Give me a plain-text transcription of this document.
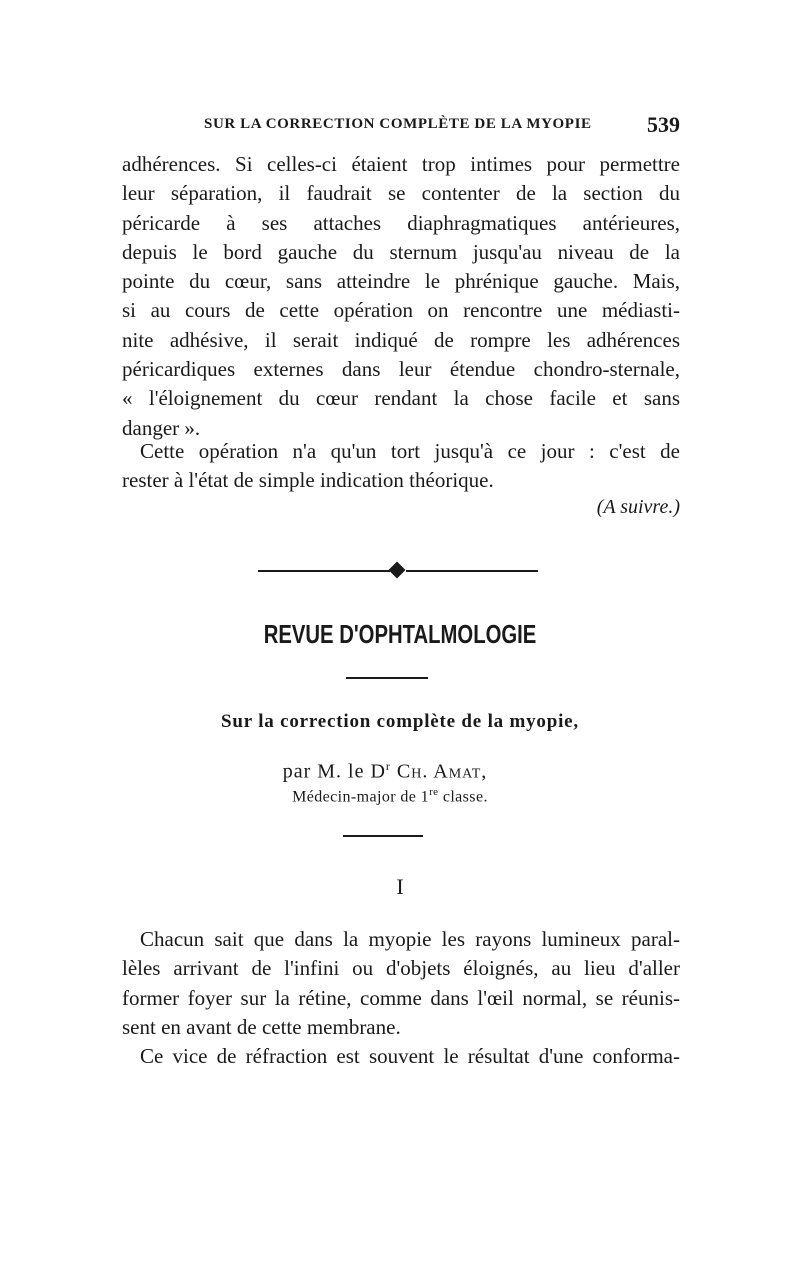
SUR LA CORRECTION COMPLÈTE DE LA MYOPIE	539
adhérences. Si celles-ci étaient trop intimes pour permettre
leur séparation, il faudrait se contenter de la section du
péricarde à ses attaches diaphragmatiques antérieures,
depuis le bord gauche du sternum jusqu'au niveau de la
pointe du cœur, sans atteindre le phrénique gauche. Mais,
si au cours de cette opération on rencontre une médiasti-
nite adhésive, il serait indiqué de rompre les adhérences
péricardiques externes dans leur étendue chondro-sternale,
« l'éloignement du cœur rendant la chose facile et sans
danger ».
Cette opération n'a qu'un tort jusqu'à ce jour : c'est de
rester à l'état de simple indication théorique.
(A suivre.)
REVUE D'OPHTALMOLOGIE
Sur la correction complète de la myopie,
par M. le $D^r$ Ch. Amat,
Médecin-major de 1re classe.
I
Chacun sait que dans la myopie les rayons lumineux paral-
lèles arrivant de l'infini ou d'objets éloignés, au lieu d'aller
former foyer sur la rétine, comme dans l'œil normal, se réunis-
sent en avant de cette membrane.
Ce vice de réfraction est souvent le résultat d'une conforma-
